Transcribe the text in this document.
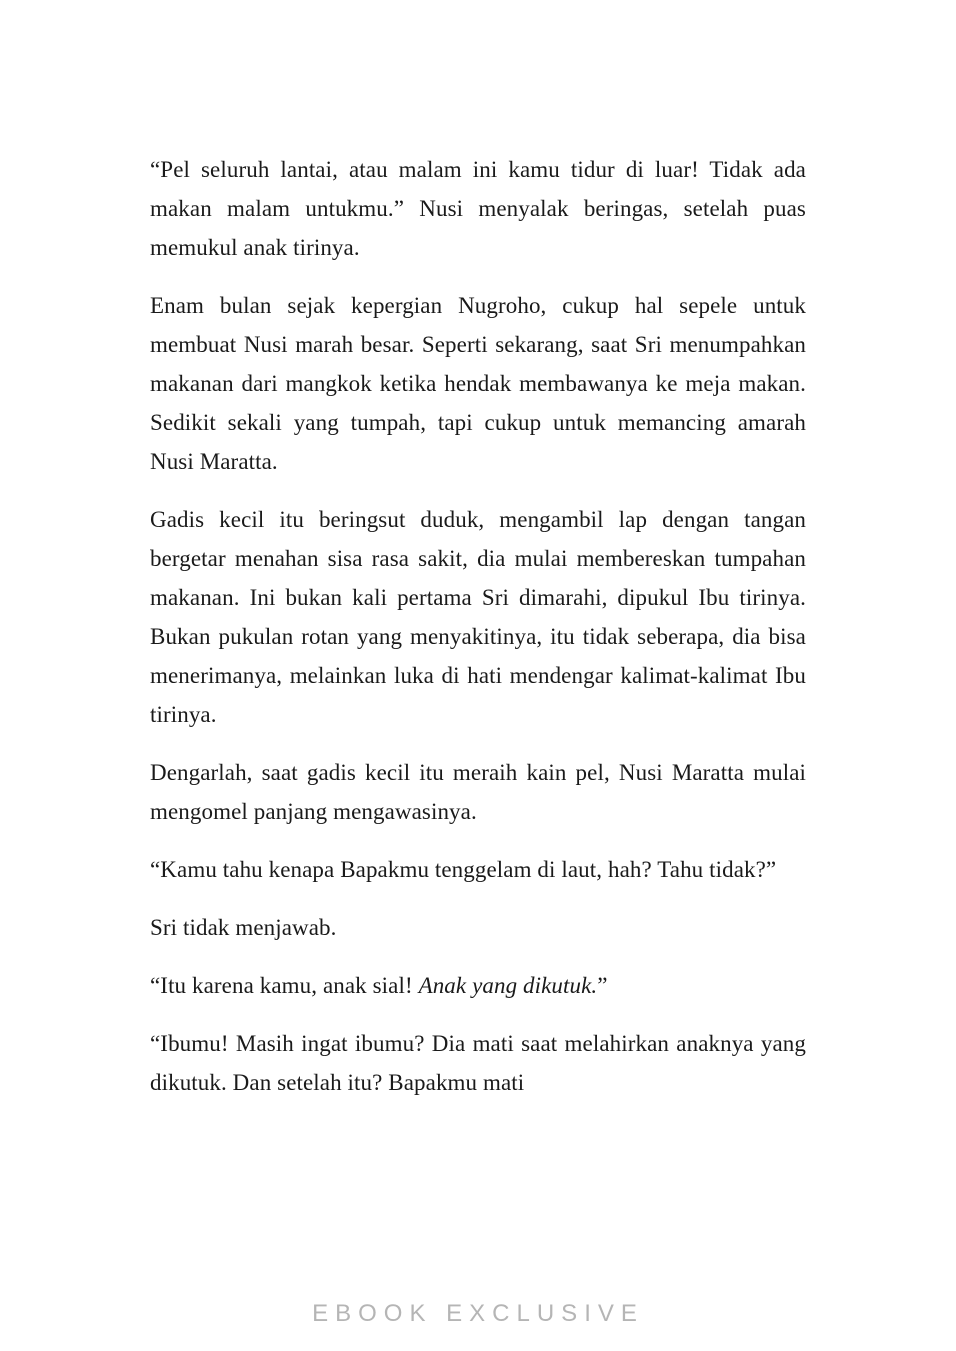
“Pel seluruh lantai, atau malam ini kamu tidur di luar! Tidak ada makan malam untukmu.” Nusi menyalak beringas, setelah puas memukul anak tirinya.

Enam bulan sejak kepergian Nugroho, cukup hal sepele untuk membuat Nusi marah besar. Seperti sekarang, saat Sri menumpahkan makanan dari mangkok ketika hendak membawanya ke meja makan. Sedikit sekali yang tumpah, tapi cukup untuk memancing amarah Nusi Maratta.

Gadis kecil itu beringsut duduk, mengambil lap dengan tangan bergetar menahan sisa rasa sakit, dia mulai membereskan tumpahan makanan. Ini bukan kali pertama Sri dimarahi, dipukul Ibu tirinya. Bukan pukulan rotan yang menyakitinya, itu tidak seberapa, dia bisa menerimanya, melainkan luka di hati mendengar kalimat-kalimat Ibu tirinya.

Dengarlah, saat gadis kecil itu meraih kain pel, Nusi Maratta mulai mengomel panjang mengawasinya.

“Kamu tahu kenapa Bapakmu tenggelam di laut, hah? Tahu tidak?”

Sri tidak menjawab.

“Itu karena kamu, anak sial! Anak yang dikutuk.”

“Ibumu! Masih ingat ibumu? Dia mati saat melahirkan anaknya yang dikutuk. Dan setelah itu? Bapakmu mati

EBOOK EXCLUSIVE
